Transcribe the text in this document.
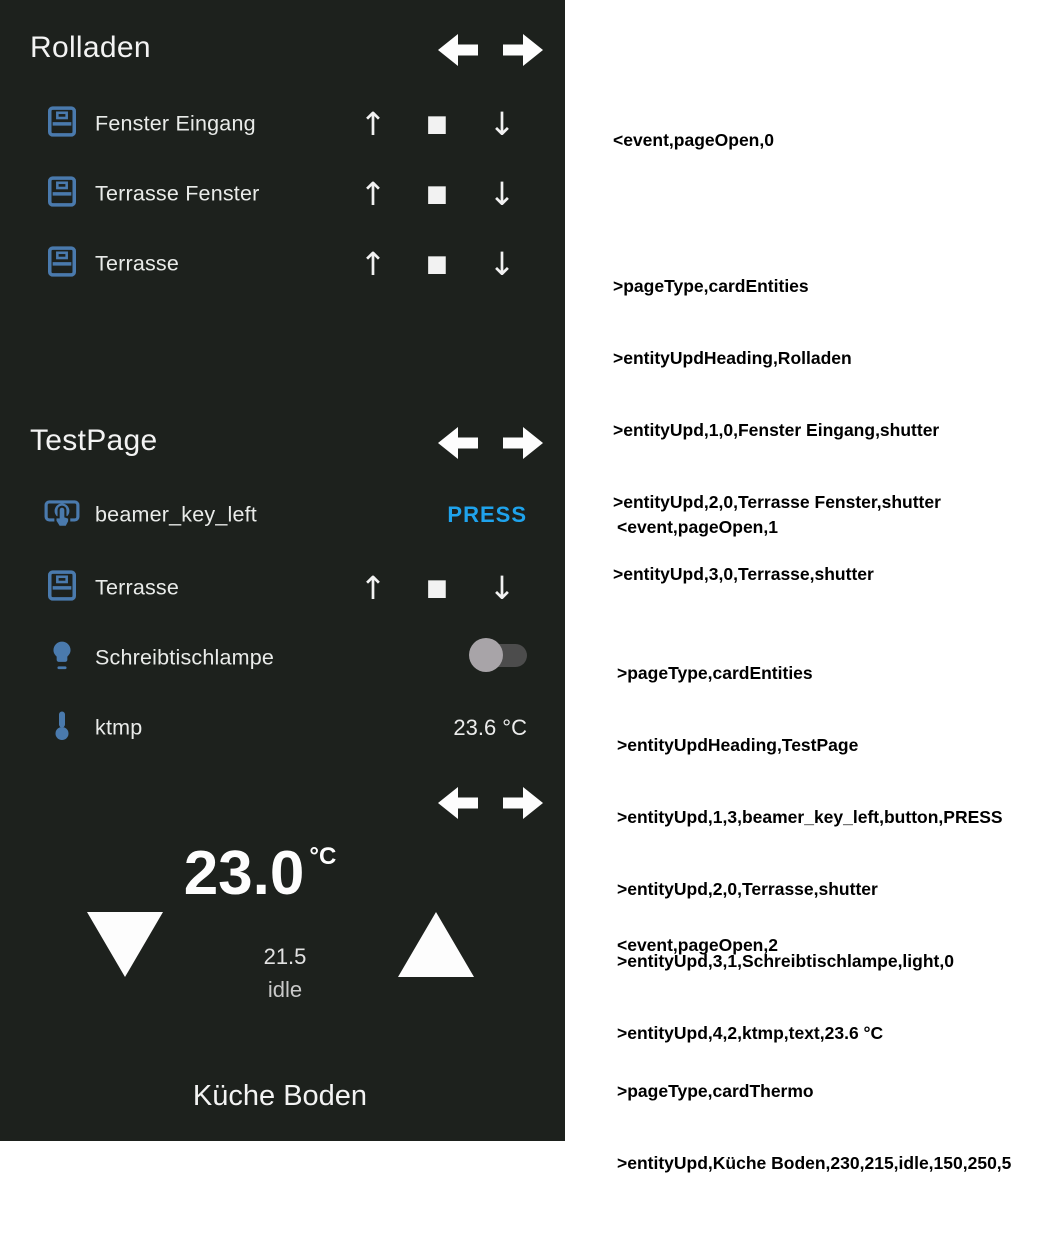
Rolladen
Fenster Eingang	↑	■ ↓
Terrasse Fenster	↑	■ ↓
Terrasse	↑	■ ↓
TestPage
beamer_key_left	PRESS
Terrasse	↑	■ ↓
Schreibtischlampe
ktmp	23.6 °C
23.0 $^{^\circ C}$
21.5
idle
Küche Boden

<event,pageOpen,0

>pageType,cardEntities

>entityUpdHeading,Rolladen

>entityUpd,1,0,Fenster Eingang,shutter

>entityUpd,2,0,Terrasse Fenster,shutter

>entityUpd,3,0,Terrasse,shutter

<event,pageOpen,1

>pageType,cardEntities

>entityUpdHeading,TestPage

>entityUpd,1,3,beamer_key_left,button,PRESS

>entityUpd,2,0,Terrasse,shutter

>entityUpd,3,1,Schreibtischlampe,light,0

>entityUpd,4,2,ktmp,text,23.6 °C

<event,pageOpen,2

>pageType,cardThermo

>entityUpd,Küche Boden,230,215,idle,150,250,5
